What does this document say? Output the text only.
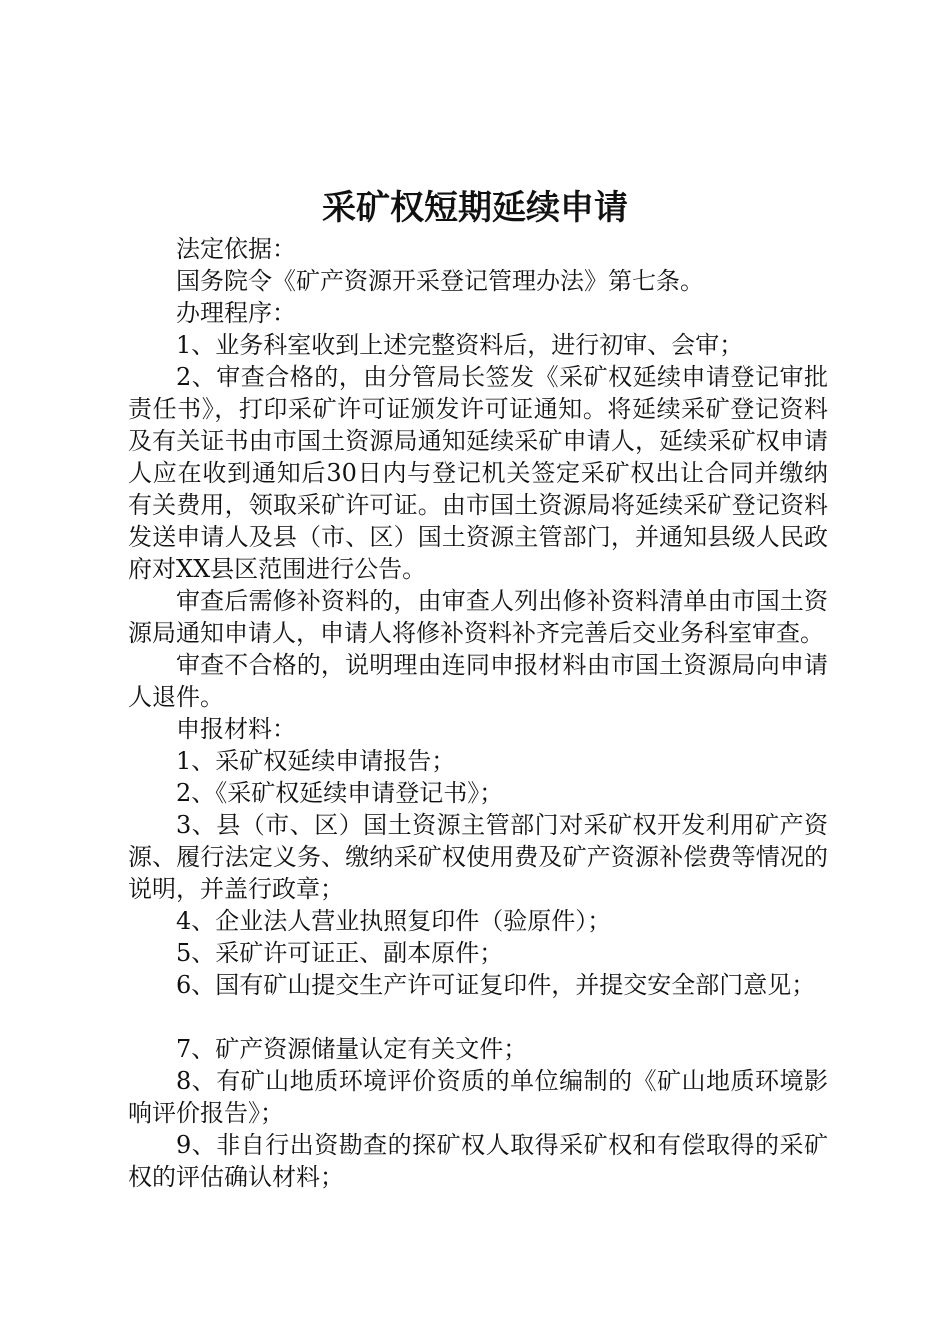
采矿权短期延续申请

法定依据：

国务院令《矿产资源开采登记管理办法》第七条。

办理程序：

1、业务科室收到上述完整资料后，进行初审、会审；

2、审查合格的，由分管局长签发《采矿权延续申请登记审批责任书》，打印采矿许可证颁发许可证通知。将延续采矿登记资料及有关证书由市国土资源局通知延续采矿申请人，延续采矿权申请人应在收到通知后30日内与登记机关签定采矿权出让合同并缴纳有关费用，领取采矿许可证。由市国土资源局将延续采矿登记资料发送申请人及县（市、区）国土资源主管部门，并通知县级人民政府对XX县区范围进行公告。

审查后需修补资料的，由审查人列出修补资料清单由市国土资源局通知申请人，申请人将修补资料补齐完善后交业务科室审查。

审查不合格的，说明理由连同申报材料由市国土资源局向申请人退件。

申报材料：

1、采矿权延续申请报告；

2、《采矿权延续申请登记书》；

3、县（市、区）国土资源主管部门对采矿权开发利用矿产资源、履行法定义务、缴纳采矿权使用费及矿产资源补偿费等情况的说明，并盖行政章；

4、企业法人营业执照复印件（验原件）；

5、采矿许可证正、副本原件；

6、国有矿山提交生产许可证复印件，并提交安全部门意见；

7、矿产资源储量认定有关文件；

8、有矿山地质环境评价资质的单位编制的《矿山地质环境影响评价报告》；

9、非自行出资勘查的探矿权人取得采矿权和有偿取得的采矿权的评估确认材料；
